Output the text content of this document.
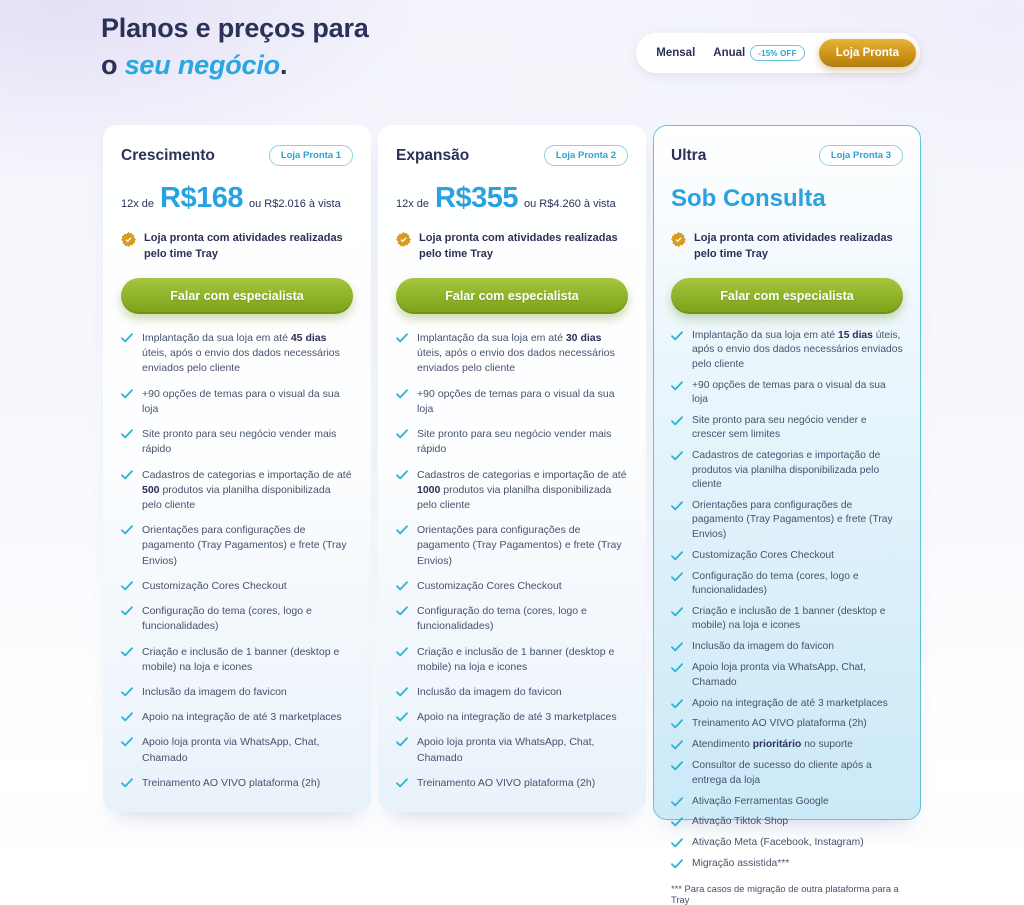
Planos e preços para
o seu negócio.	Mensal Anual	-15% OFF	Loja Pronta
Crescimento	Loja Pronta 1
12x de R$168 ou R$2.016 à vista
Loja pronta com atividades realizadas pelo time Tray
Falar com especialista
Implantação da sua loja em até 45 dias úteis, após o envio dos dados necessários enviados pelo cliente
+90 opções de temas para o visual da sua loja
Site pronto para seu negócio vender mais rápido
Cadastros de categorias e importação de até 500 produtos via planilha disponibilizada pelo cliente
Orientações para configurações de pagamento (Tray Pagamentos) e frete (Tray Envios)
Customização Cores Checkout
Configuração do tema (cores, logo e funcionalidades)
Criação e inclusão de 1 banner (desktop e mobile) na loja e icones
Inclusão da imagem do favicon
Apoio na integração de até 3 marketplaces
Apoio loja pronta via WhatsApp, Chat, Chamado
Treinamento AO VIVO plataforma (2h)
Expansão	Loja Pronta 2
12x de R$355 ou R$4.260 à vista
Loja pronta com atividades realizadas pelo time Tray
Falar com especialista
Implantação da sua loja em até 30 dias úteis, após o envio dos dados necessários enviados pelo cliente
+90 opções de temas para o visual da sua loja
Site pronto para seu negócio vender mais rápido
Cadastros de categorias e importação de até 1000 produtos via planilha disponibilizada pelo cliente
Orientações para configurações de pagamento (Tray Pagamentos) e frete (Tray Envios)
Customização Cores Checkout
Configuração do tema (cores, logo e funcionalidades)
Criação e inclusão de 1 banner (desktop e mobile) na loja e icones
Inclusão da imagem do favicon
Apoio na integração de até 3 marketplaces
Apoio loja pronta via WhatsApp, Chat, Chamado
Treinamento AO VIVO plataforma (2h)
Ultra	Loja Pronta 3
Sob Consulta
Loja pronta com atividades realizadas pelo time Tray
Falar com especialista
Implantação da sua loja em até 15 dias úteis, após o envio dos dados necessários enviados pelo cliente
+90 opções de temas para o visual da sua loja
Site pronto para seu negócio vender e crescer sem limites
Cadastros de categorias e importação de produtos via planilha disponibilizada pelo cliente
Orientações para configurações de pagamento (Tray Pagamentos) e frete (Tray Envios)
Customização Cores Checkout
Configuração do tema (cores, logo e funcionalidades)
Criação e inclusão de 1 banner (desktop e mobile) na loja e icones
Inclusão da imagem do favicon
Apoio loja pronta via WhatsApp, Chat, Chamado
Apoio na integração de até 3 marketplaces
Treinamento AO VIVO plataforma (2h)
Atendimento prioritário no suporte
Consultor de sucesso do cliente após a entrega da loja
Ativação Ferramentas Google
Ativação Tiktok Shop
Ativação Meta (Facebook, Instagram)
Migração assistida***

*** Para casos de migração de outra plataforma para a Tray
